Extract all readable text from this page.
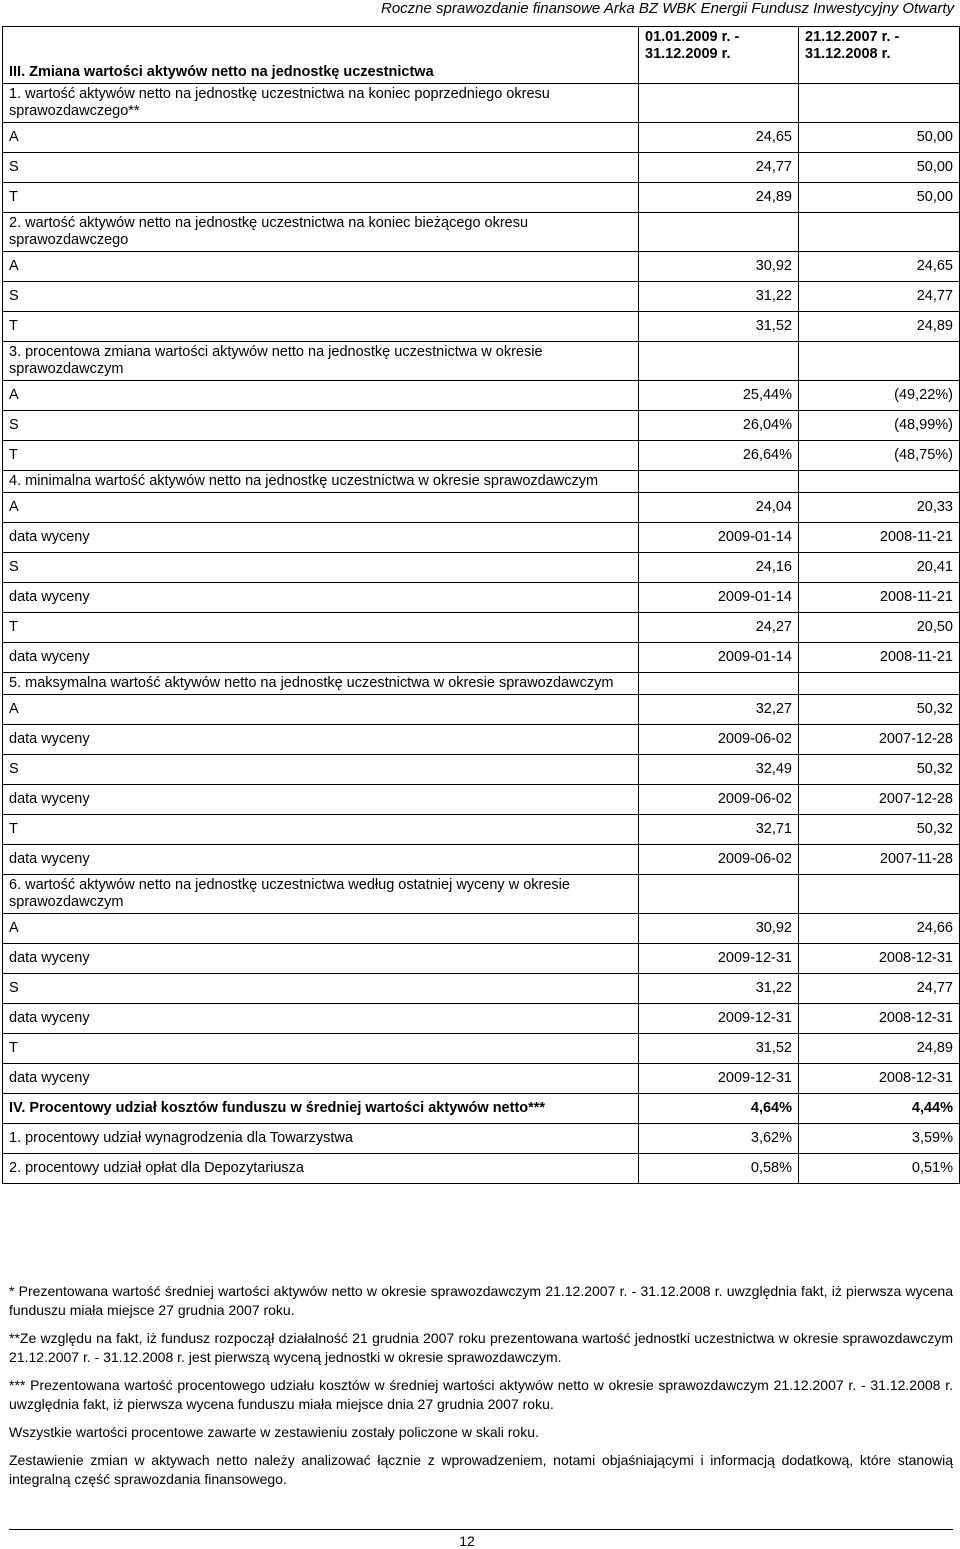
Roczne sprawozdanie finansowe Arka BZ WBK Energii Fundusz Inwestycyjny Otwarty
III. Zmiana wartości aktywów netto na jednostkę uczestnictwa	01.01.2009 r. - 31.12.2009 r.	21.12.2007 r. - 31.12.2008 r.
1. wartość aktywów netto na jednostkę uczestnictwa na koniec poprzedniego okresu sprawozdawczego**		
A	24,65	50,00
S	24,77	50,00
T	24,89	50,00
2. wartość aktywów netto na jednostkę uczestnictwa na koniec bieżącego okresu sprawozdawczego		
A	30,92	24,65
S	31,22	24,77
T	31,52	24,89
3. procentowa zmiana wartości aktywów netto na jednostkę uczestnictwa w okresie sprawozdawczym		
A	25,44%	(49,22%)
S	26,04%	(48,99%)
T	26,64%	(48,75%)
4. minimalna wartość aktywów netto na jednostkę uczestnictwa w okresie sprawozdawczym		
A	24,04	20,33
data wyceny	2009-01-14	2008-11-21
S	24,16	20,41
data wyceny	2009-01-14	2008-11-21
T	24,27	20,50
data wyceny	2009-01-14	2008-11-21
5. maksymalna wartość aktywów netto na jednostkę uczestnictwa w okresie sprawozdawczym		
A	32,27	50,32
data wyceny	2009-06-02	2007-12-28
S	32,49	50,32
data wyceny	2009-06-02	2007-12-28
T	32,71	50,32
data wyceny	2009-06-02	2007-11-28
6. wartość aktywów netto na jednostkę uczestnictwa według ostatniej wyceny w okresie sprawozdawczym		
A	30,92	24,66
data wyceny	2009-12-31	2008-12-31
S	31,22	24,77
data wyceny	2009-12-31	2008-12-31
T	31,52	24,89
data wyceny	2009-12-31	2008-12-31
IV. Procentowy udział kosztów funduszu w średniej wartości aktywów netto***	4,64%	4,44%
1. procentowy udział wynagrodzenia dla Towarzystwa	3,62%	3,59%
2. procentowy udział opłat dla Depozytariusza	0,58%	0,51%

* Prezentowana wartość średniej wartości aktywów netto w okresie sprawozdawczym 21.12.2007 r. - 31.12.2008 r. uwzględnia fakt, iż pierwsza wycena funduszu miała miejsce 27 grudnia 2007 roku.

**Ze względu na fakt, iż fundusz rozpoczął działalność 21 grudnia 2007 roku prezentowana wartość jednostki uczestnictwa w okresie sprawozdawczym 21.12.2007 r. - 31.12.2008 r. jest pierwszą wyceną jednostki w okresie sprawozdawczym.

*** Prezentowana wartość procentowego udziału kosztów w średniej wartości aktywów netto w okresie sprawozdawczym 21.12.2007 r. - 31.12.2008 r. uwzględnia fakt, iż pierwsza wycena funduszu miała miejsce dnia 27 grudnia 2007 roku.

Wszystkie wartości procentowe zawarte w zestawieniu zostały policzone w skali roku.

Zestawienie zmian w aktywach netto należy analizować łącznie z wprowadzeniem, notami objaśniającymi i informacją dodatkową, które stanowią integralną część sprawozdania finansowego.

12
